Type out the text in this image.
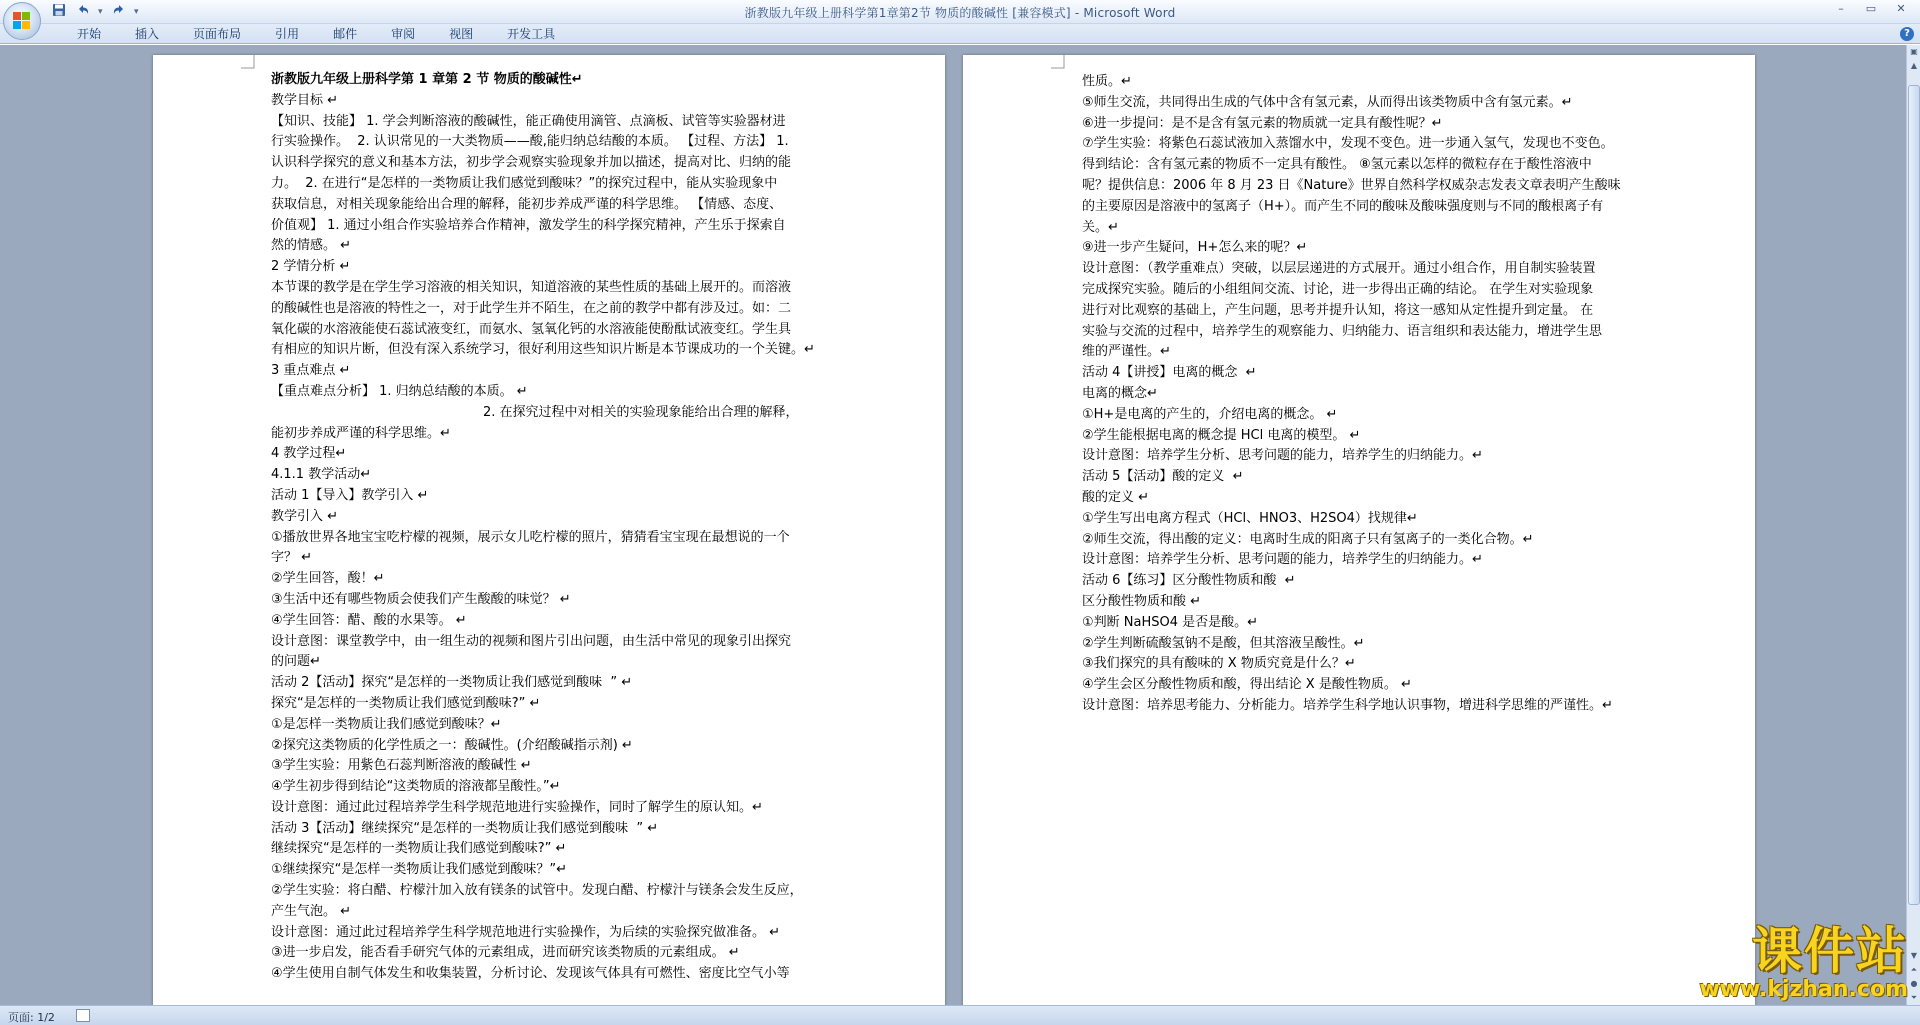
▾	▾	浙教版九年级上册科学第1章第2节 物质的酸碱性 [兼容模式] - Microsoft Word	–	▭	✕
开始	插入	页面布局	引用	邮件	审阅	视图	开发工具	?
浙教版九年级上册科学第 1 章第 2 节 物质的酸碱性↵
教学目标 ↵
【知识、技能】 1. 学会判断溶液的酸碱性，能正确使用滴管、点滴板、试管等实验器材进
行实验操作。  2. 认识常见的一大类物质——酸,能归纳总结酸的本质。 【过程、方法】 1.
认识科学探究的意义和基本方法，初步学会观察实验现象并加以描述，提高对比、归纳的能
力。  2. 在进行“是怎样的一类物质让我们感觉到酸味？”的探究过程中，能从实验现象中
获取信息，对相关现象能给出合理的解释，能初步养成严谨的科学思维。 【情感、态度、
价值观】 1. 通过小组合作实验培养合作精神，激发学生的科学探究精神，产生乐于探索自
然的情感。 ↵
2 学情分析 ↵
本节课的教学是在学生学习溶液的相关知识，知道溶液的某些性质的基础上展开的。而溶液
的酸碱性也是溶液的特性之一，对于此学生并不陌生，在之前的教学中都有涉及过。如：二
氧化碳的水溶液能使石蕊试液变红，而氨水、氢氧化钙的水溶液能使酚酞试液变红。学生具
有相应的知识片断，但没有深入系统学习，很好利用这些知识片断是本节课成功的一个关键。↵
3 重点难点 ↵
【重点难点分析】 1. 归纳总结酸的本质。 ↵
2. 在探究过程中对相关的实验现象能给出合理的解释，
能初步养成严谨的科学思维。↵
4 教学过程↵
4.1.1 教学活动↵
活动 1【导入】教学引入 ↵
教学引入 ↵
①播放世界各地宝宝吃柠檬的视频，展示女儿吃柠檬的照片，猜猜看宝宝现在最想说的一个
字？ ↵
②学生回答，酸！↵
③生活中还有哪些物质会使我们产生酸酸的味觉？ ↵
④学生回答：醋、酸的水果等。 ↵
设计意图：课堂教学中，由一组生动的视频和图片引出问题，由生活中常见的现象引出探究
的问题↵
活动 2【活动】探究“是怎样的一类物质让我们感觉到酸味  ” ↵
探究“是怎样的一类物质让我们感觉到酸味?” ↵
①是怎样一类物质让我们感觉到酸味？↵
②探究这类物质的化学性质之一：酸碱性。(介绍酸碱指示剂) ↵
③学生实验：用紫色石蕊判断溶液的酸碱性 ↵
④学生初步得到结论“这类物质的溶液都呈酸性。”↵
设计意图：通过此过程培养学生科学规范地进行实验操作，同时了解学生的原认知。↵
活动 3【活动】继续探究“是怎样的一类物质让我们感觉到酸味  ” ↵
继续探究“是怎样的一类物质让我们感觉到酸味?” ↵
①继续探究“是怎样一类物质让我们感觉到酸味？”↵
②学生实验：将白醋、柠檬汁加入放有镁条的试管中。发现白醋、柠檬汁与镁条会发生反应，
产生气泡。 ↵
设计意图：通过此过程培养学生科学规范地进行实验操作，为后续的实验探究做准备。 ↵
③进一步启发，能否看手研究气体的元素组成，进而研究该类物质的元素组成。 ↵
④学生使用自制气体发生和收集装置，分析讨论、发现该气体具有可燃性、密度比空气小等
性质。↵
⑤师生交流，共同得出生成的气体中含有氢元素，从而得出该类物质中含有氢元素。↵
⑥进一步提问：是不是含有氢元素的物质就一定具有酸性呢？↵
⑦学生实验：将紫色石蕊试液加入蒸馏水中，发现不变色。进一步通入氢气，发现也不变色。
得到结论：含有氢元素的物质不一定具有酸性。 ⑧氢元素以怎样的微粒存在于酸性溶液中
呢？提供信息：2006 年 8 月 23 日《Nature》世界自然科学权威杂志发表文章表明产生酸味
的主要原因是溶液中的氢离子（H+）。而产生不同的酸味及酸味强度则与不同的酸根离子有
关。↵
⑨进一步产生疑问，H+怎么来的呢？↵
设计意图：（教学重难点）突破，以层层递进的方式展开。通过小组合作，用自制实验装置
完成探究实验。随后的小组组间交流、讨论，进一步得出正确的结论。 在学生对实验现象
进行对比观察的基础上，产生问题，思考并提升认知，将这一感知从定性提升到定量。 在
实验与交流的过程中，培养学生的观察能力、归纳能力、语言组织和表达能力，增进学生思
维的严谨性。↵
活动 4【讲授】电离的概念  ↵
电离的概念↵
①H+是电离的产生的，介绍电离的概念。 ↵
②学生能根据电离的概念提 HCl 电离的模型。 ↵
设计意图：培养学生分析、思考问题的能力，培养学生的归纳能力。↵
活动 5【活动】酸的定义  ↵
酸的定义 ↵
①学生写出电离方程式（HCl、HNO3、H2SO4）找规律↵
②师生交流，得出酸的定义：电离时生成的阳离子只有氢离子的一类化合物。↵
设计意图：培养学生分析、思考问题的能力，培养学生的归纳能力。↵
活动 6【练习】区分酸性物质和酸  ↵
区分酸性物质和酸 ↵
①判断 NaHSO4 是否是酸。↵
②学生判断硫酸氢钠不是酸，但其溶液呈酸性。↵
③我们探究的具有酸味的 X 物质究竟是什么？↵
④学生会区分酸性物质和酸，得出结论 X 是酸性物质。 ↵
设计意图：培养思考能力、分析能力。培养学生科学地认识事物，增进科学思维的严谨性。↵
▣
▲
▼
⏶
●
⏷
页面: 1/2
课件站
www.kjzhan.com
